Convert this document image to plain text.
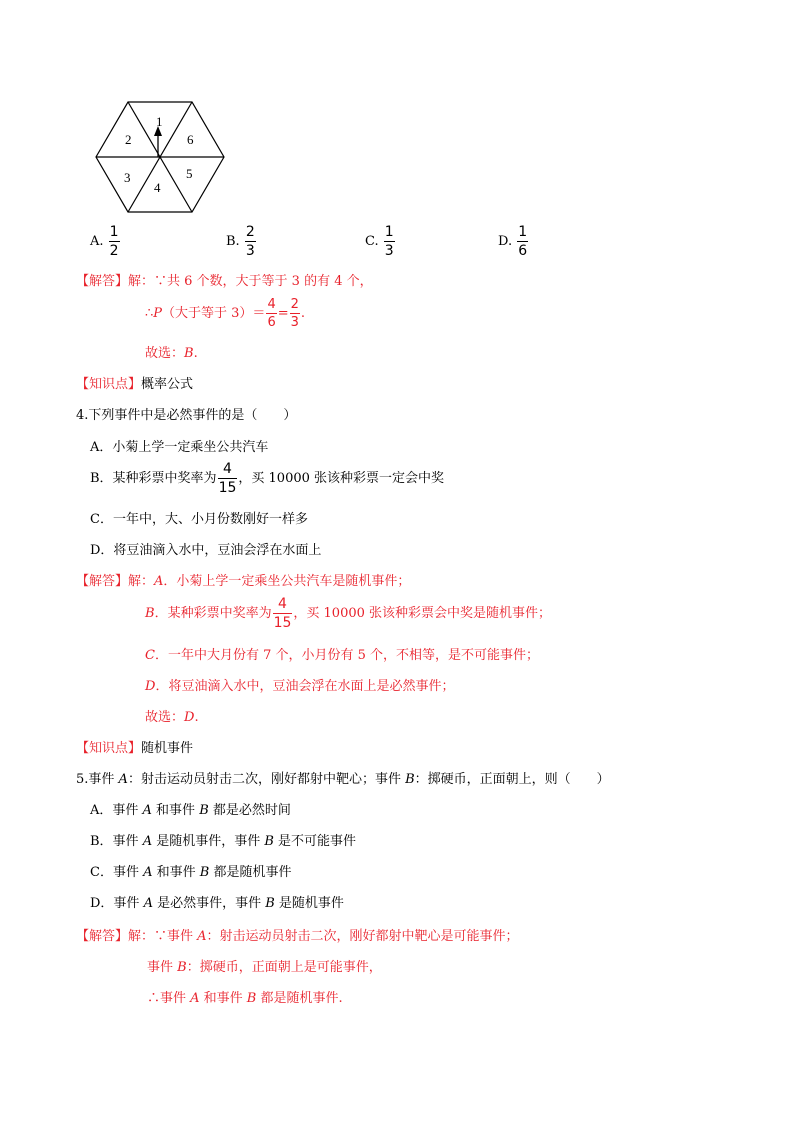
1
2
3
4
5
6
A. $\frac{1}{2}$	B. $\frac{2}{3}$	C. $\frac{1}{3}$	D. $\frac{1}{6}$
【解答】解：∵共 6 个数，大于等于 3 的有 4 个，
∴P（大于等于 $3)= \frac{4}{6} = \frac{2}{3}$ .
故选：B.
【知识点】概率公式
4.下列事件中是必然事件的是（　　）
A．小菊上学一定乘坐公共汽车
B．某种彩票中奖率为 $\frac{4}{15}$ ，买 10000 张该种彩票一定会中奖
C．一年中，大、小月份数刚好一样多
D．将豆油滴入水中，豆油会浮在水面上
【解答】解：A．小菊上学一定乘坐公共汽车是随机事件；
B．某种彩票中奖率为 $\frac{4}{15}$ ，买 10000 张该种彩票会中奖是随机事件；
C．一年中大月份有 7 个，小月份有 5 个，不相等，是不可能事件；
D．将豆油滴入水中，豆油会浮在水面上是必然事件；
故选：D.
【知识点】随机事件
5.事件 A：射击运动员射击二次，刚好都射中靶心；事件 B：掷硬币，正面朝上，则（　　）
A．事件 A 和事件 B 都是必然时间
B．事件 A 是随机事件，事件 B 是不可能事件
C．事件 A 和事件 B 都是随机事件
D．事件 A 是必然事件，事件 B 是随机事件
【解答】解：∵事件 A：射击运动员射击二次，刚好都射中靶心是可能事件；
事件 B：掷硬币，正面朝上是可能事件，
∴事件 A 和事件 B 都是随机事件.
